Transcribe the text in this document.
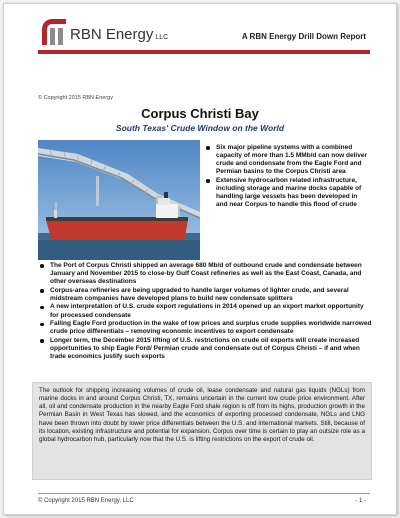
RBN Energy LLC	A RBN Energy Drill Down Report
© Copyright 2015 RBN Energy
Corpus Christi Bay
South Texas' Crude Window on the World
Six major pipeline systems with a combined capacity of more than 1.5 MMb/d can now deliver crude and condensate from the Eagle Ford and Permian basins to the Corpus Christi area
Extensive hydrocarbon related infrastructure, including storage and marine docks capable of handling large vessels has been developed in and near Corpus to handle this flood of crude
The Port of Corpus Christi shipped an average 680 Mb/d of outbound crude and condensate between January and November 2015 to close-by Gulf Coast refineries as well as the East Coast, Canada, and other overseas destinations
Corpus-area refineries are being upgraded to handle larger volumes of lighter crude, and several midstream companies have developed plans to build new condensate splitters
A new interpretation of U.S. crude export regulations in 2014 opened up an export market opportunity for processed condensate
Falling Eagle Ford production in the wake of low prices and surplus crude supplies worldwide narrowed crude price differentials – removing economic incentives to export condensate
Longer term, the December 2015 lifting of U.S. restrictions on crude oil exports will create increased opportunities to ship Eagle Ford/ Permian crude and condensate out of Corpus Christi – if and when trade economics justify such exports

The outlook for shipping increasing volumes of crude oil, lease condensate and natural gas liquids (NGLs) from marine docks in and around Corpus Christi, TX, remains uncertain in the current low crude price environment. After all, oil and condensate production in the nearby Eagle Ford shale region is off from its highs, production growth in the Permian Basin in West Texas has slowed, and the economics of exporting processed condensate, NGLs and LNG have been thrown into doubt by lower price differentials between the U.S. and international markets. Still, because of its location, existing infrastructure and potential for expansion, Corpus over time is certain to play an outsize role as a global hydrocarbon hub, particularly now that the U.S. is lifting restrictions on the export of crude oil.

© Copyright 2015 RBN Energy, LLC	- 1 -
